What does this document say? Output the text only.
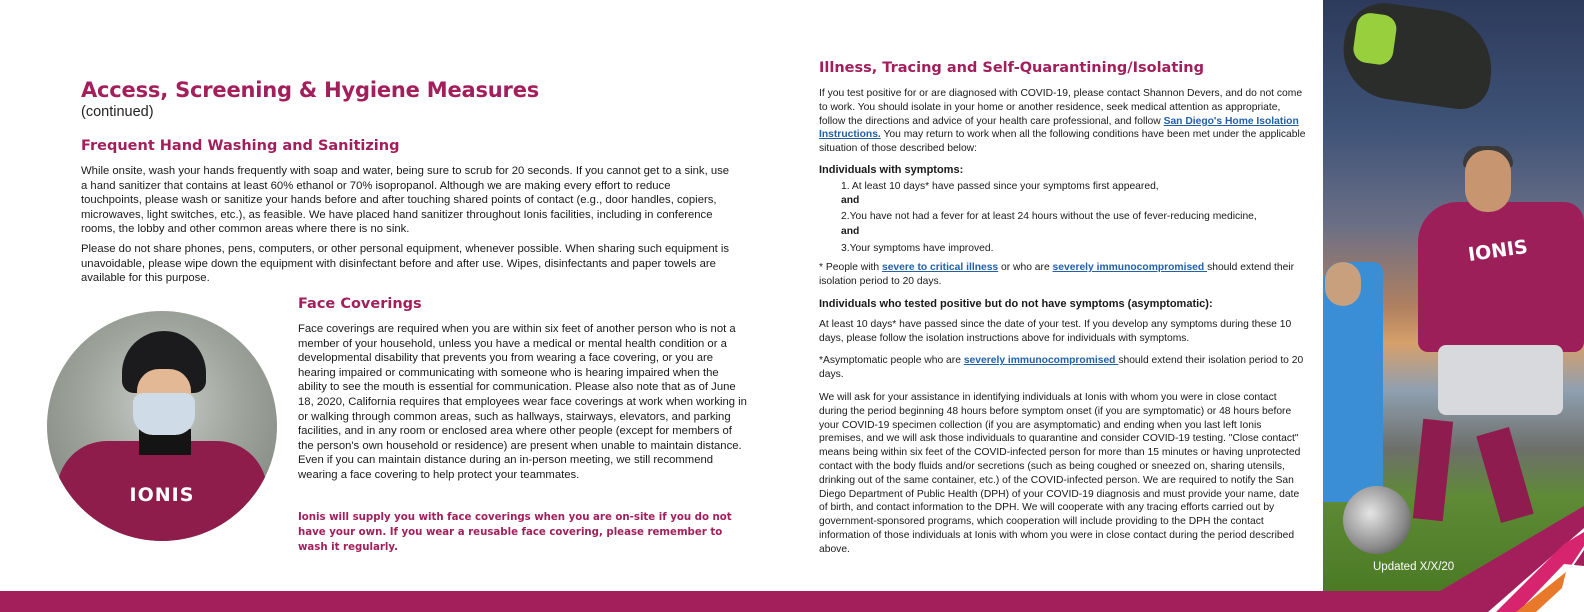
Access, Screening & Hygiene Measures
(continued)
Frequent Hand Washing and Sanitizing

While onsite, wash your hands frequently with soap and water, being sure to scrub for 20 seconds. If you cannot get to a sink, use a hand sanitizer that contains at least 60% ethanol or 70% isopropanol. Although we are making every effort to reduce touchpoints, please wash or sanitize your hands before and after touching shared points of contact (e.g., door handles, copiers, microwaves, light switches, etc.), as feasible. We have placed hand sanitizer throughout Ionis facilities, including in conference rooms, the lobby and other common areas where there is no sink.

Please do not share phones, pens, computers, or other personal equipment, whenever possible. When sharing such equipment is unavoidable, please wipe down the equipment with disinfectant before and after use. Wipes, disinfectants and paper towels are available for this purpose.

IONIS
Face Coverings

Face coverings are required when you are within six feet of another person who is not a member of your household, unless you have a medical or mental health condition or a developmental disability that prevents you from wearing a face covering, or you are hearing impaired or communicating with someone who is hearing impaired when the ability to see the mouth is essential for communication. Please also note that as of June 18, 2020, California requires that employees wear face coverings at work when working in or walking through common areas, such as hallways, stairways, elevators, and parking facilities, and in any room or enclosed area where other people (except for members of the person's own household or residence) are present when unable to maintain distance. Even if you can maintain distance during an in-person meeting, we still recommend wearing a face covering to help protect your teammates.

Ionis will supply you with face coverings when you are on-site if you do not have your own. If you wear a reusable face covering, please remember to wash it regularly.

Illness, Tracing and Self-Quarantining/Isolating

If you test positive for or are diagnosed with COVID-19, please contact Shannon Devers, and do not come to work. You should isolate in your home or another residence, seek medical attention as appropriate, follow the directions and advice of your health care professional, and follow San Diego's Home Isolation Instructions. You may return to work when all the following conditions have been met under the applicable situation of those described below:

Individuals with symptoms:
1. At least 10 days* have passed since your symptoms first appeared,
and
2.You have not had a fever for at least 24 hours without the use of fever-reducing medicine,
and
3.Your symptoms have improved.

* People with severe to critical illness or who are severely immunocompromised should extend their isolation period to 20 days.

Individuals who tested positive but do not have symptoms (asymptomatic):

At least 10 days* have passed since the date of your test. If you develop any symptoms during these 10 days, please follow the isolation instructions above for individuals with symptoms.

*Asymptomatic people who are severely immunocompromised should extend their isolation period to 20 days.

We will ask for your assistance in identifying individuals at Ionis with whom you were in close contact during the period beginning 48 hours before symptom onset (if you are symptomatic) or 48 hours before your COVID-19 specimen collection (if you are asymptomatic) and ending when you last left Ionis premises, and we will ask those individuals to quarantine and consider COVID-19 testing. "Close contact" means being within six feet of the COVID-infected person for more than 15 minutes or having unprotected contact with the body fluids and/or secretions (such as being coughed or sneezed on, sharing utensils, drinking out of the same container, etc.) of the COVID-infected person. We are required to notify the San Diego Department of Public Health (DPH) of your COVID-19 diagnosis and must provide your name, date of birth, and contact information to the DPH. We will cooperate with any tracing efforts carried out by government-sponsored programs, which cooperation will include providing to the DPH the contact information of those individuals at Ionis with whom you were in close contact during the period described above.

IONIS
Updated X/X/20
